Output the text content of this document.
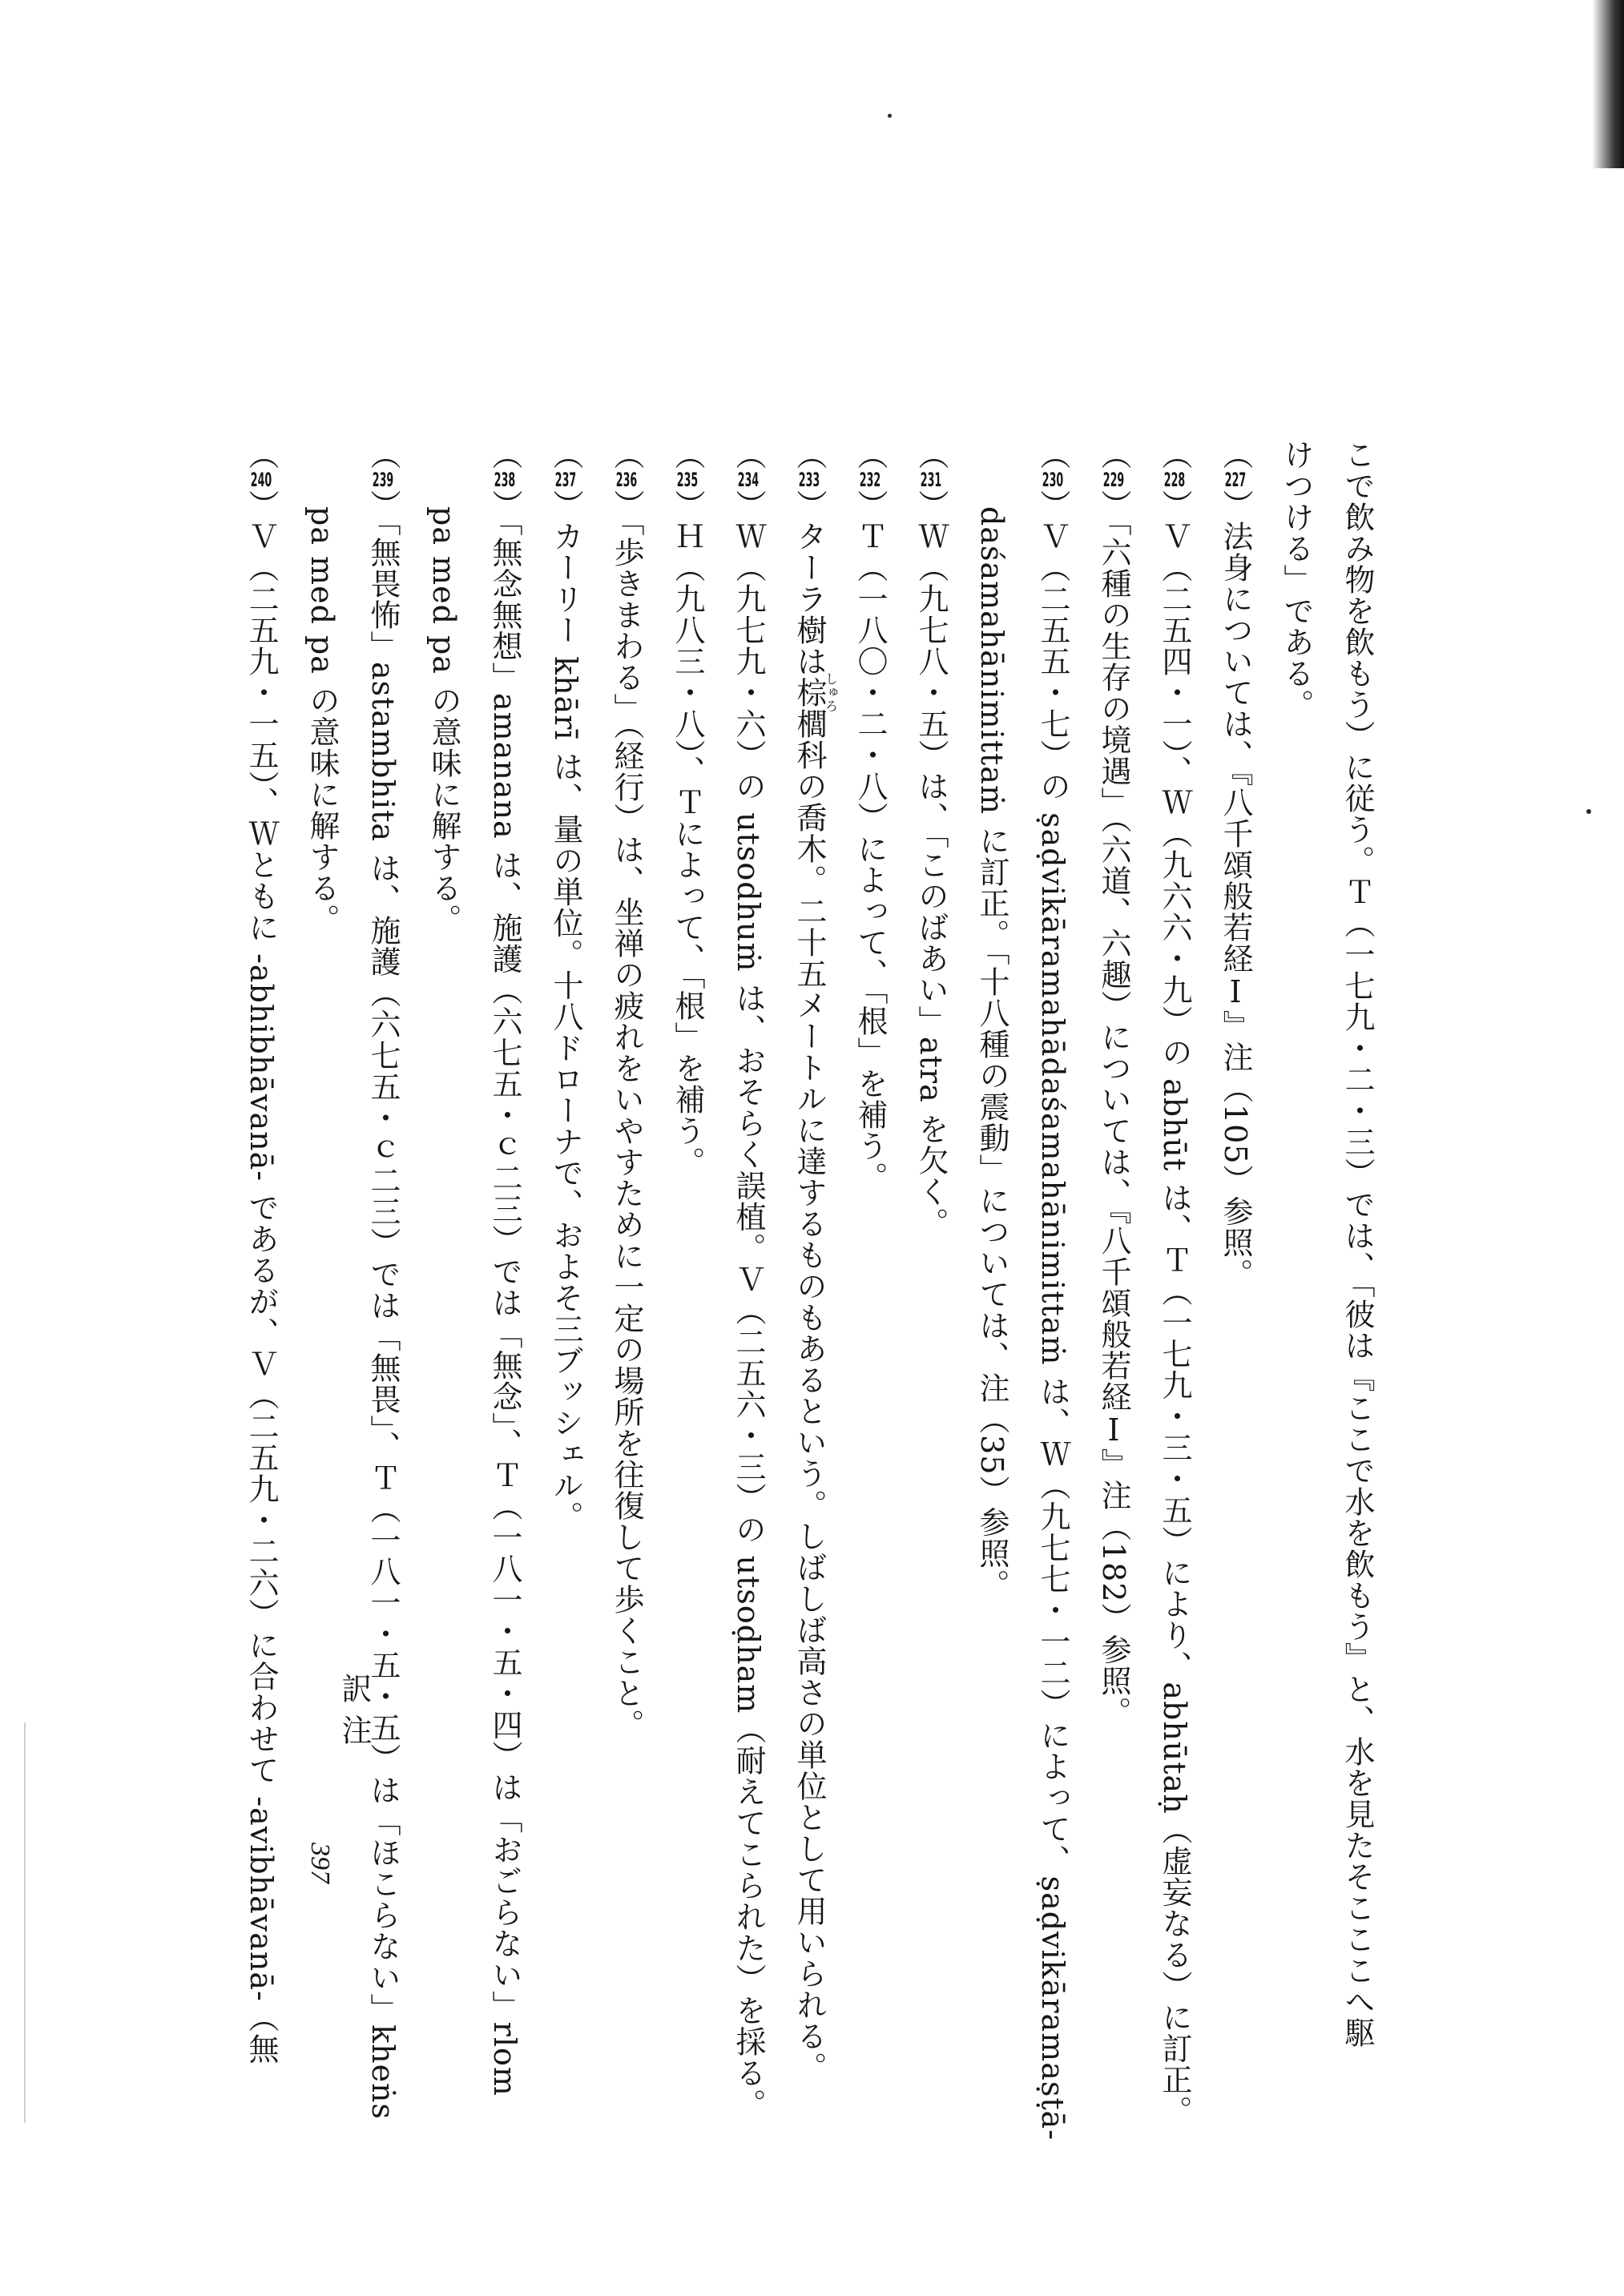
こで飲み物を飲もう）に従う。Ｔ（一七九・二・三）では、「彼は『ここで水を飲もう』と、水を見たそこここへ駆
けつける」である。
（227）法身については、『八千頌般若経Ⅰ』注（105）参照。
（228）Ｖ（二五四・一）、Ｗ（九六六・九）の abhūt は、Ｔ（一七九・三・五）により、abhūtaḥ（虚妄なる）に訂正。
（229）「六種の生存の境遇」（六道、六趣）については、『八千頌般若経Ⅰ』注（182）参照。
（230）Ｖ（二五五・七）の ṣaḍvikāramahādaśamahānimittaṁ は、Ｗ（九七七・一二）によって、ṣaḍvikāramaṣṭā-
daśamahānimittaṁ に訂正。「十八種の震動」については、注（35）参照。
（231）Ｗ（九七八・五）は、「このばあい」atra を欠く。
（232）Ｔ（一八〇・二・八）によって、「根」を補う。
（233）ターラ樹は棕しゅろ櫚科の喬木。二十五メートルに達するものもあるという。しばしば高さの単位として用いられる。
（234）Ｗ（九七九・六）の utsodhuṁ は、おそらく誤植。Ｖ（二五六・三）の utsoḍham（耐えてこられた）を採る。
（235）Ｈ（九八三・八）、Ｔによって、「根」を補う。
（236）「歩きまわる」（経行）は、坐禅の疲れをいやすために一定の場所を往復して歩くこと。
（237）カーリー khārī は、量の単位。十八ドローナで、およそ三ブッシェル。
（238）「無念無想」amanana は、施護（六七五・ｃ二三）では「無念」、Ｔ（一八一・五・四）は「おごらない」rlom
pa med pa の意味に解する。
（239）「無畏怖」astambhita は、施護（六七五・ｃ二三）では「無畏」、Ｔ（一八一・五・五）は「ほこらない」kheṅs
pa med pa の意味に解する。
（240）Ｖ（二五九・一五）、Ｗともに -abhibhāvanā- であるが、Ｖ（二五九・二六）に合わせて -avibhāvanā-（無 397
訳注
